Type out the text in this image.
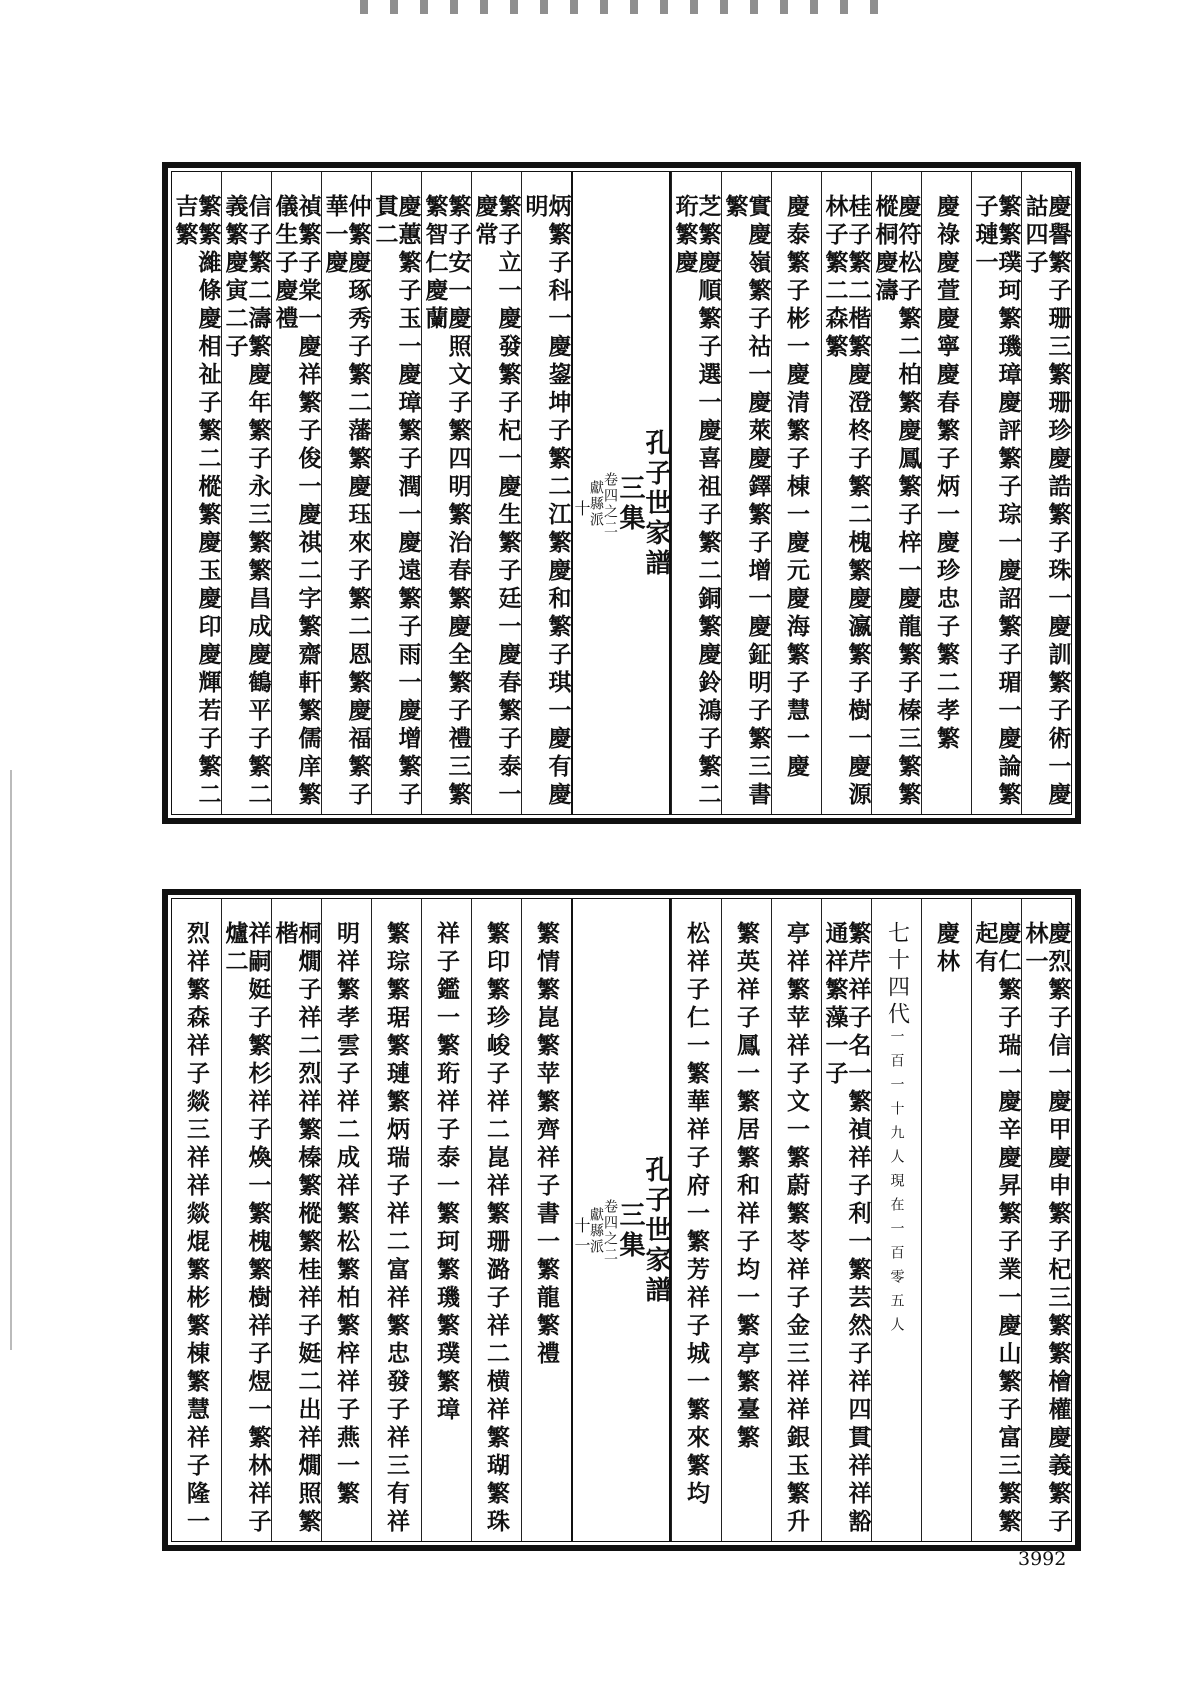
慶譽繁子珊三繁珊珍慶誥繁子珠一慶訓繁子術一慶詁四子
繁繁璞珂繁璣璋慶評繁子琮一慶詔繁子瑂一慶論繁子璉一
慶祿慶萱慶寧慶春繁子炳一慶珍忠子繁二孝繁
慶符松子繁二柏繁慶鳳繁子梓一慶龍繁子榛三繁繁樅桐慶濤
桂子繁二楷繁慶澄柊子繁二槐繁慶瀛繁子樹一慶源林子繁二森繁
慶泰繁子彬一慶清繁子棟一慶元慶海繁子慧一慶
實慶嶺繁子祜一慶萊慶鐸繁子增一慶鉦明子繁三書繁
芝繁慶順繁子選一慶喜祖子繁二銅繁慶鈴鴻子繁二珩繁慶
孔子世家譜
三集
卷四之二
獻縣派
十
炳繁子科一慶鋆坤子繁二江繁慶和繁子琪一慶有慶明
繁子立一慶發繁子杞一慶生繁子廷一慶春繁子泰一慶常
繁子安一慶照文子繁四明繁治春繁慶全繁子禮三繁繁智仁慶蘭
慶蕙繁子玉一慶璋繁子潤一慶遠繁子雨一慶增繁子貫二
仲繁慶琢秀子繁二藩繁慶珏來子繁二恩繁慶福繁子華一慶
禎繁子棠一慶祥繁子俊一慶祺二字繁齋軒繁儒庠繁儀生子慶禮
信子繁二濤繁慶年繁子永三繁繁昌成慶鶴平子繁二義繁慶寅二子
繁繁濰條慶相祉子繁二樅繁慶玉慶印慶輝若子繁二吉繁
慶烈繁子信一慶甲慶申繁子杞三繁繁檜權慶義繁子林一
慶仁繁子瑞一慶辛慶昇繁子業一慶山繁子富三繁繁起有
慶林
七十四代
一百一十九人現在一百零五人
繁芹祥子名一繁禎祥子利一繁芸然子祥四貫祥祥豁通祥繁藻一子
亭祥繁苹祥子文一繁蔚繁苓祥子金三祥祥銀玉繁升
繁英祥子鳳一繁居繁和祥子均一繁亭繁臺繁
松祥子仁一繁華祥子府一繁芳祥子城一繁來繁均
孔子世家譜
三集
卷四之二
獻縣派
十一
繁情繁崑繁苹繁齊祥子書一繁龍繁禮
繁印繁珍峻子祥二崑祥繁珊潞子祥二横祥繁瑚繁珠
祥子鑑一繁珩祥子泰一繁珂繁璣繁璞繁璋
繁琮繁琚繁璉繁炳瑞子祥二富祥繁忠發子祥三有祥
明祥繁孝雲子祥二成祥繁松繁柏繁梓祥子燕一繁
桐燗子祥二烈祥繁榛繁樅繁桂祥子娗二出祥燗照繁楷
祥嗣娗子繁杉祥子煥一繁槐繁樹祥子煜一繁林祥子爐二
烈祥繁森祥子燚三祥祥燚焜繁彬繁棟繁慧祥子隆一
3992
